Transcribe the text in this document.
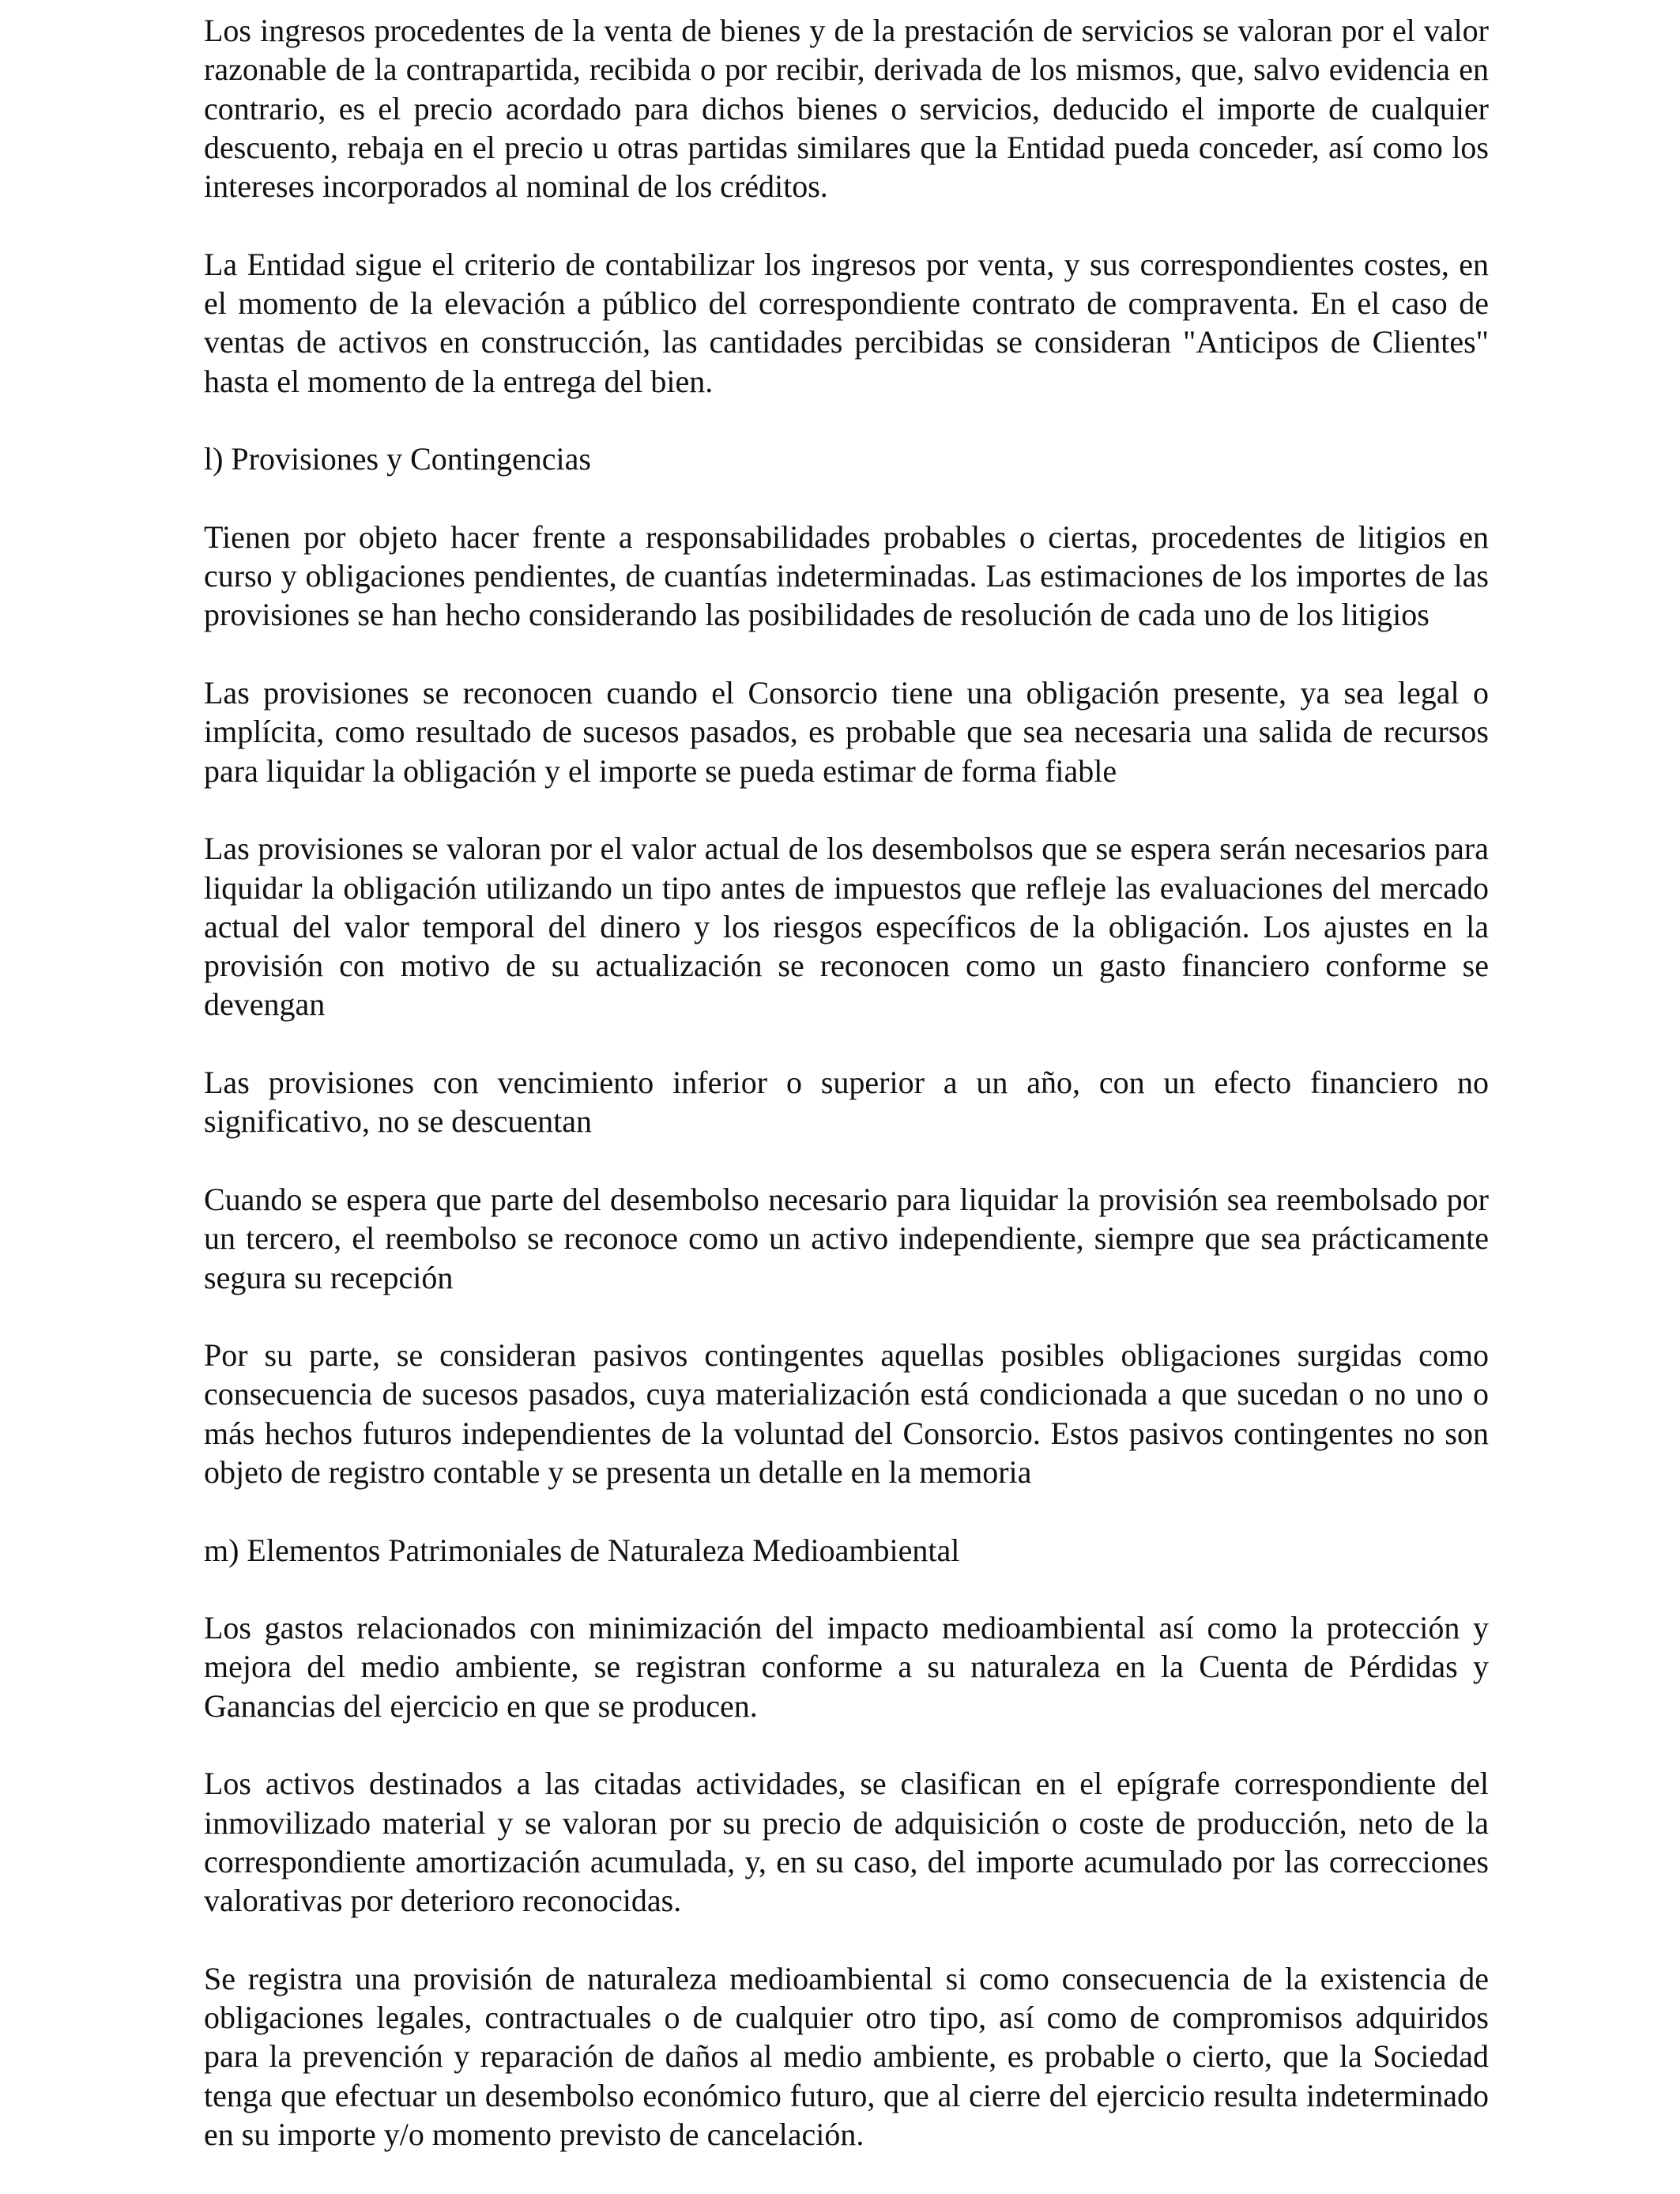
Los ingresos procedentes de la venta de bienes y de la prestación de servicios se valoran por el valor razonable de la contrapartida, recibida o por recibir, derivada de los mismos, que, salvo evidencia en contrario, es el precio acordado para dichos bienes o servicios, deducido el importe de cualquier descuento, rebaja en el precio u otras partidas similares que la Entidad pueda conceder, así como los intereses incorporados al nominal de los créditos.

La Entidad sigue el criterio de contabilizar los ingresos por venta, y sus correspondientes costes, en el momento de la elevación a público del correspondiente contrato de compraventa. En el caso de ventas de activos en construcción, las cantidades percibidas se consideran "Anticipos de Clientes" hasta el momento de la entrega del bien.

l) Provisiones y Contingencias

Tienen por objeto hacer frente a responsabilidades probables o ciertas, procedentes de litigios en curso y obligaciones pendientes, de cuantías indeterminadas. Las estimaciones de los importes de las provisiones se han hecho considerando las posibilidades de resolución de cada uno de los litigios

Las provisiones se reconocen cuando el Consorcio tiene una obligación presente, ya sea legal o implícita, como resultado de sucesos pasados, es probable que sea necesaria una salida de recursos para liquidar la obligación y el importe se pueda estimar de forma fiable

Las provisiones se valoran por el valor actual de los desembolsos que se espera serán necesarios para liquidar la obligación utilizando un tipo antes de impuestos que refleje las evaluaciones del mercado actual del valor temporal del dinero y los riesgos específicos de la obligación. Los ajustes en la provisión con motivo de su actualización se reconocen como un gasto financiero conforme se devengan

Las provisiones con vencimiento inferior o superior a un año, con un efecto financiero no significativo, no se descuentan

Cuando se espera que parte del desembolso necesario para liquidar la provisión sea reembolsado por un tercero, el reembolso se reconoce como un activo independiente, siempre que sea prácticamente segura su recepción

Por su parte, se consideran pasivos contingentes aquellas posibles obligaciones surgidas como consecuencia de sucesos pasados, cuya materialización está condicionada a que sucedan o no uno o más hechos futuros independientes de la voluntad del Consorcio. Estos pasivos contingentes no son objeto de registro contable y se presenta un detalle en la memoria

m) Elementos Patrimoniales de Naturaleza Medioambiental

Los gastos relacionados con minimización del impacto medioambiental así como la protección y mejora del medio ambiente, se registran conforme a su naturaleza en la Cuenta de Pérdidas y Ganancias del ejercicio en que se producen.

Los activos destinados a las citadas actividades, se clasifican en el epígrafe correspondiente del inmovilizado material y se valoran por su precio de adquisición o coste de producción, neto de la correspondiente amortización acumulada, y, en su caso, del importe acumulado por las correcciones valorativas por deterioro reconocidas.

Se registra una provisión de naturaleza medioambiental si como consecuencia de la existencia de obligaciones legales, contractuales o de cualquier otro tipo, así como de compromisos adquiridos para la prevención y reparación de daños al medio ambiente, es probable o cierto, que la Sociedad tenga que efectuar un desembolso económico futuro, que al cierre del ejercicio resulta indeterminado en su importe y/o momento previsto de cancelación.
